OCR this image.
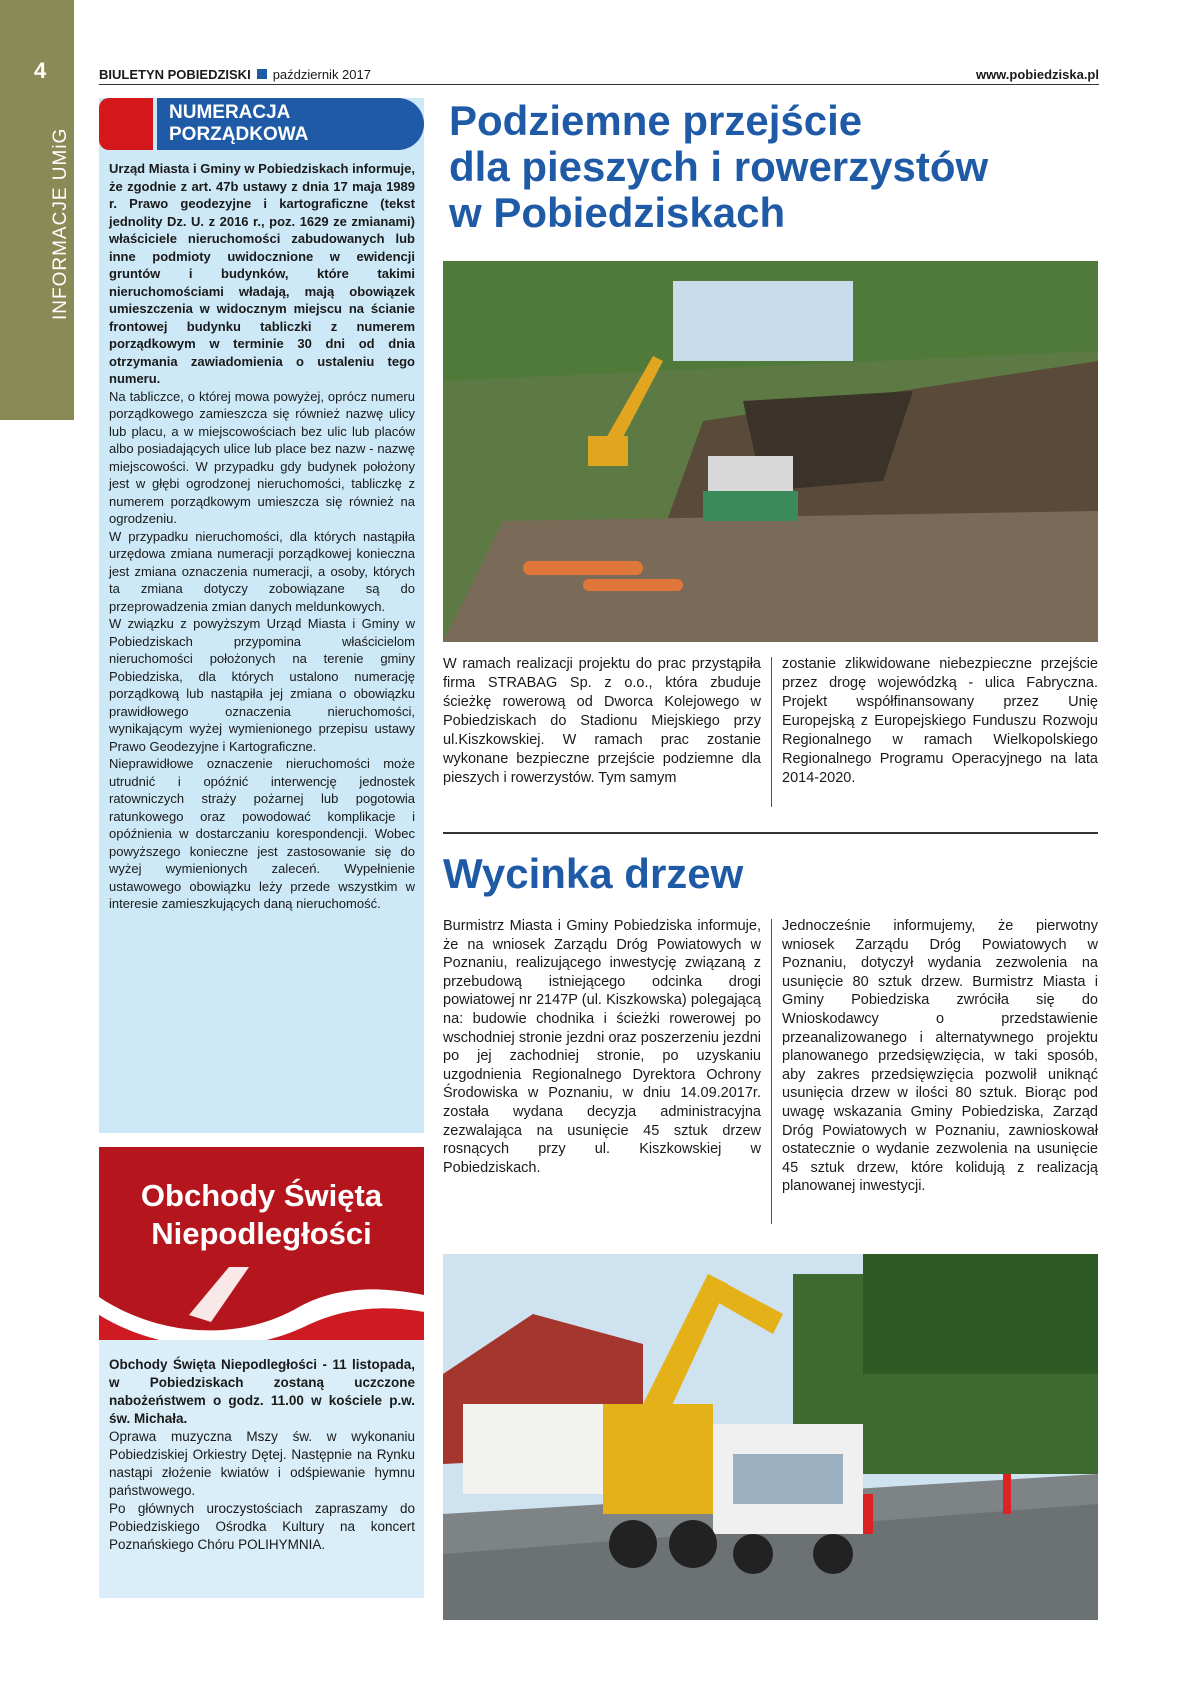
4
INFORMACJE UMiG
BIULETYN POBIEDZISKI październik 2017	www.pobiedziska.pl
NUMERACJA
PORZĄDKOWA

Urząd Miasta i Gminy w Pobiedziskach informuje, że zgodnie z art. 47b ustawy z dnia 17 maja 1989 r. Prawo geodezyjne i kartograficzne (tekst jednolity Dz. U. z 2016 r., poz. 1629 ze zmianami) właściciele nieruchomości zabudowanych lub inne podmioty uwidocznione w ewidencji gruntów i budynków, które takimi nieruchomościami władają, mają obowiązek umieszczenia w widocznym miejscu na ścianie frontowej budynku tabliczki z numerem porządkowym w terminie 30 dni od dnia otrzymania zawiadomienia o ustaleniu tego numeru.

Na tabliczce, o której mowa powyżej, oprócz numeru porządkowego zamieszcza się również nazwę ulicy lub placu, a w miejscowościach bez ulic lub placów albo posiadających ulice lub place bez nazw - nazwę miejscowości. W przypadku gdy budynek położony jest w głębi ogrodzonej nieruchomości, tabliczkę z numerem porządkowym umieszcza się również na ogrodzeniu.

W przypadku nieruchomości, dla których nastąpiła urzędowa zmiana numeracji porządkowej konieczna jest zmiana oznaczenia numeracji, a osoby, których ta zmiana dotyczy zobowiązane są do przeprowadzenia zmian danych meldunkowych.

W związku z powyższym Urząd Miasta i Gminy w Pobiedziskach przypomina właścicielom nieruchomości położonych na terenie gminy Pobiedziska, dla których ustalono numerację porządkową lub nastąpiła jej zmiana o obowiązku prawidłowego oznaczenia nieruchomości, wynikającym wyżej wymienionego przepisu ustawy Prawo Geodezyjne i Kartograficzne.

Nieprawidłowe oznaczenie nieruchomości może utrudnić i opóźnić interwencję jednostek ratowniczych straży pożarnej lub pogotowia ratunkowego oraz powodować komplikacje i opóźnienia w dostarczaniu korespondencji. Wobec powyższego konieczne jest zastosowanie się do wyżej wymienionych zaleceń. Wypełnienie ustawowego obowiązku leży przede wszystkim w interesie zamieszkujących daną nieruchomość.

Obchody Święta
Niepodległości

Obchody Święta Niepodległości - 11 listopada, w Pobiedziskach zostaną uczczone nabożeństwem o godz. 11.00 w kościele p.w. św. Michała.

Oprawa muzyczna Mszy św. w wykonaniu Pobiedziskiej Orkiestry Dętej. Następnie na Rynku nastąpi złożenie kwiatów i odśpiewanie hymnu państwowego.

Po głównych uroczystościach zapraszamy do Pobiedziskiego Ośrodka Kultury na koncert Poznańskiego Chóru POLIHYMNIA.

Podziemne przejście
dla pieszych i rowerzystów
w Pobiedziskach
W ramach realizacji projektu do prac przystąpiła firma STRABAG Sp. z o.o., która zbuduje ścieżkę rowerową od Dworca Kolejowego w Pobiedziskach do Stadionu Miejskiego przy ul.Kiszkowskiej. W ramach prac zostanie wykonane bezpieczne przejście podziemne dla pieszych i rowerzystów. Tym samym
zostanie zlikwidowane niebezpieczne przejście przez drogę wojewódzką - ulica Fabryczna. Projekt współfinansowany przez Unię Europejską z Europejskiego Funduszu Rozwoju Regionalnego w ramach Wielkopolskiego Regionalnego Programu Operacyjnego na lata 2014-2020.
Wycinka drzew
Burmistrz Miasta i Gminy Pobiedziska informuje, że na wniosek Zarządu Dróg Powiatowych w Poznaniu, realizującego inwestycję związaną z przebudową istniejącego odcinka drogi powiatowej nr 2147P (ul. Kiszkowska) polegającą na: budowie chodnika i ścieżki rowerowej po wschodniej stronie jezdni oraz poszerzeniu jezdni po jej zachodniej stronie, po uzyskaniu uzgodnienia Regionalnego Dyrektora Ochrony Środowiska w Poznaniu, w dniu 14.09.2017r. została wydana decyzja administracyjna zezwalająca na usunięcie 45 sztuk drzew rosnących przy ul. Kiszkowskiej w Pobiedziskach.
Jednocześnie informujemy, że pierwotny wniosek Zarządu Dróg Powiatowych w Poznaniu, dotyczył wydania zezwolenia na usunięcie 80 sztuk drzew. Burmistrz Miasta i Gminy Pobiedziska zwróciła się do Wnioskodawcy o przedstawienie przeanalizowanego i alternatywnego projektu planowanego przedsięwzięcia, w taki sposób, aby zakres przedsięwzięcia pozwolił uniknąć usunięcia drzew w ilości 80 sztuk. Biorąc pod uwagę wskazania Gminy Pobiedziska, Zarząd Dróg Powiatowych w Poznaniu, zawnioskował ostatecznie o wydanie zezwolenia na usunięcie 45 sztuk drzew, które kolidują z realizacją planowanej inwestycji.
